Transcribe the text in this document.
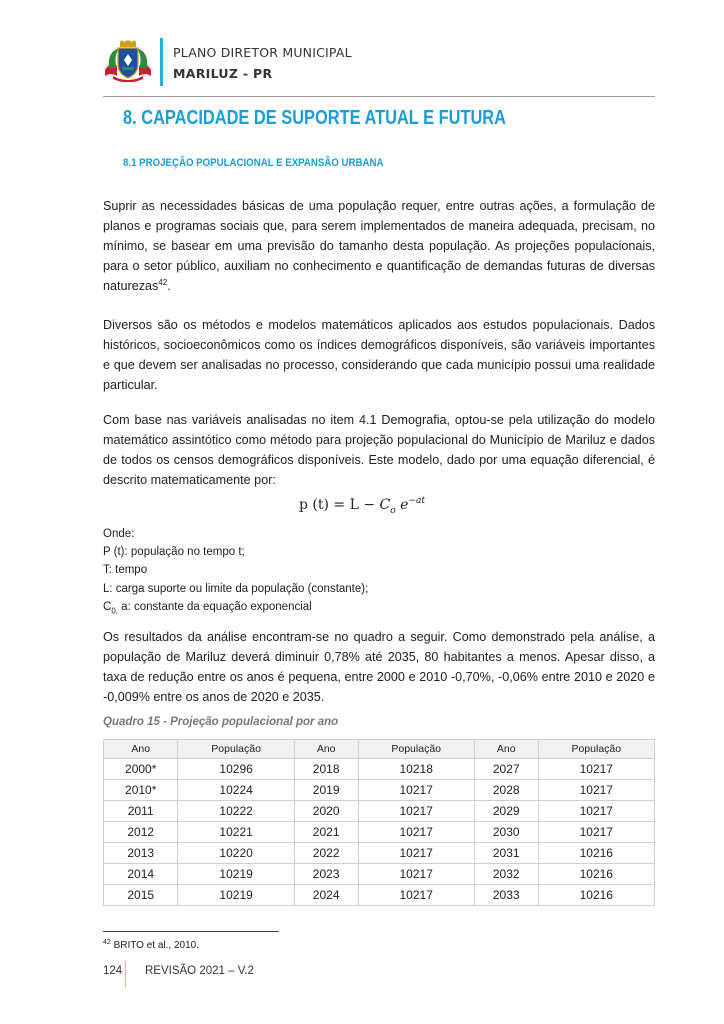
PLANO DIRETOR MUNICIPAL
MARILUZ - PR
8. CAPACIDADE DE SUPORTE ATUAL E FUTURA
8.1 PROJEÇÃO POPULACIONAL E EXPANSÃO URBANA
Suprir as necessidades básicas de uma população requer, entre outras ações, a formulação de planos e programas sociais que, para serem implementados de maneira adequada, precisam, no mínimo, se basear em uma previsão do tamanho desta população. As projeções populacionais, para o setor público, auxiliam no conhecimento e quantificação de demandas futuras de diversas naturezas$^{42}$.
Diversos são os métodos e modelos matemáticos aplicados aos estudos populacionais. Dados históricos, socioeconômicos como os índices demográficos disponíveis, são variáveis importantes e que devem ser analisadas no processo, considerando que cada município possui uma realidade particular.
Com base nas variáveis analisadas no item 4.1 Demografia, optou-se pela utilização do modelo matemático assintótico como método para projeção populacional do Município de Mariluz e dados de todos os censos demográficos disponíveis. Este modelo, dado por uma equação diferencial, é descrito matematicamente por:
p $(t) = L - C_o$ $e^{-at}$
Onde:
P (t): população no tempo t;
T: tempo
L: carga suporte ou limite da população (constante);
$C_{0,}$ a: constante da equação exponencial
Os resultados da análise encontram-se no quadro a seguir. Como demonstrado pela análise, a população de Mariluz deverá diminuir 0,78% até 2035, 80 habitantes a menos. Apesar disso, a taxa de redução entre os anos é pequena, entre 2000 e 2010 -0,70%, -0,06% entre 2010 e 2020 e -0,009% entre os anos de 2020 e 2035.
Quadro 15 - Projeção populacional por ano
Ano	População	Ano	População	Ano	População
2000*	10296	2018	10218	2027	10217
2010*	10224	2019	10217	2028	10217
2011	10222	2020	10217	2029	10217
2012	10221	2021	10217	2030	10217
2013	10220	2022	10217	2031	10216
2014	10219	2023	10217	2032	10216
2015	10219	2024	10217	2033	10216
$^{42}$ BRITO et al., 2010.
124 REVISÃO 2021 – V.2
